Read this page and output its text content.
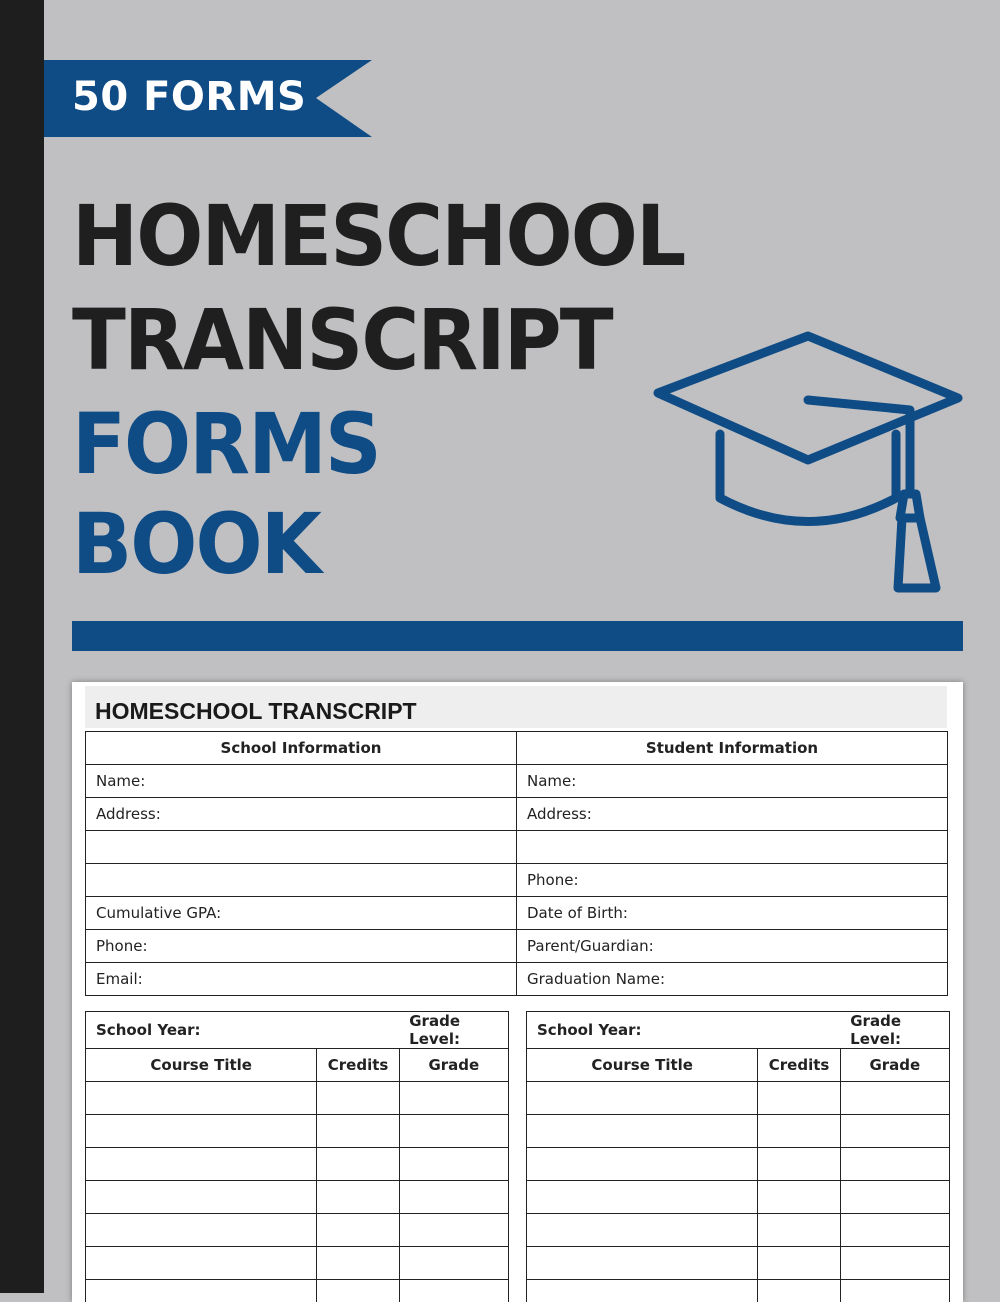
50 FORMS
HOMESCHOOL
TRANSCRIPT
FORMS
BOOK
HOMESCHOOL TRANSCRIPT
School Information	Student Information
Name:	Name:
Address:	Address:

	Phone:
Cumulative GPA:	Date of Birth:
Phone:	Parent/Guardian:
Email:	Graduation Name:
School Year:		Grade Level:
Course Title	Credits	Grade

School Year:		Grade Level:
Course Title	Credits	Grade
